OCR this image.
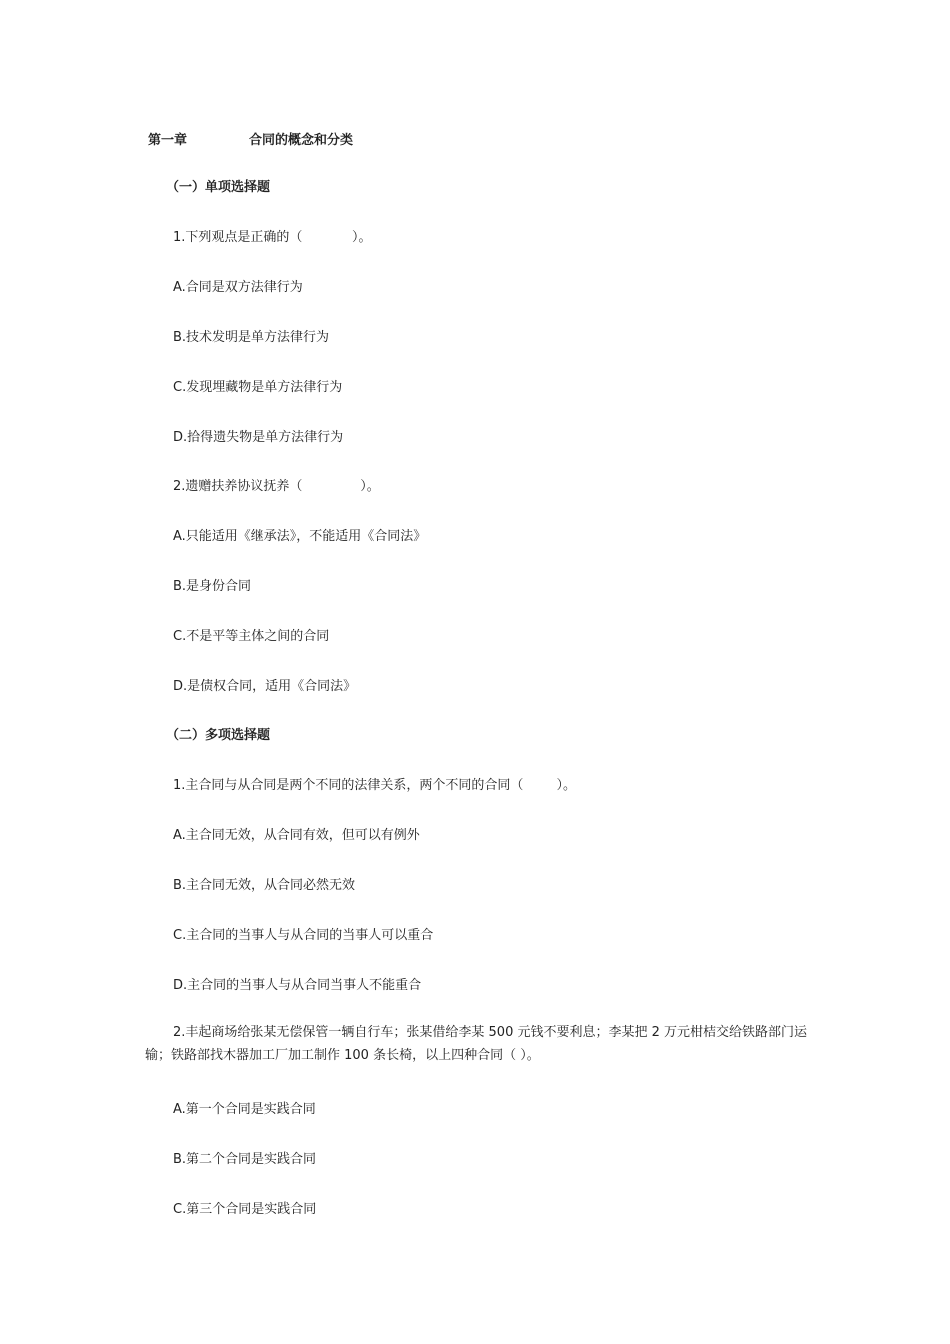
第一章	合同的概念和分类
（一）单项选择题
1.下列观点是正确的（            ）。
A.合同是双方法律行为
B.技术发明是单方法律行为
C.发现埋藏物是单方法律行为
D.拾得遗失物是单方法律行为
2.遗赠扶养协议抚养（              ）。
A.只能适用《继承法》，不能适用《合同法》
B.是身份合同
C.不是平等主体之间的合同
D.是债权合同，适用《合同法》
（二）多项选择题
1.主合同与从合同是两个不同的法律关系，两个不同的合同（        ）。
A.主合同无效，从合同有效，但可以有例外
B.主合同无效，从合同必然无效
C.主合同的当事人与从合同的当事人可以重合
D.主合同的当事人与从合同当事人不能重合
2.丰起商场给张某无偿保管一辆自行车；张某借给李某 500 元钱不要利息；李某把 2 万元柑桔交给铁路部门运输；铁路部找木器加工厂加工制作 100 条长椅，以上四种合同（ ）。
A.第一个合同是实践合同
B.第二个合同是实践合同
C.第三个合同是实践合同
